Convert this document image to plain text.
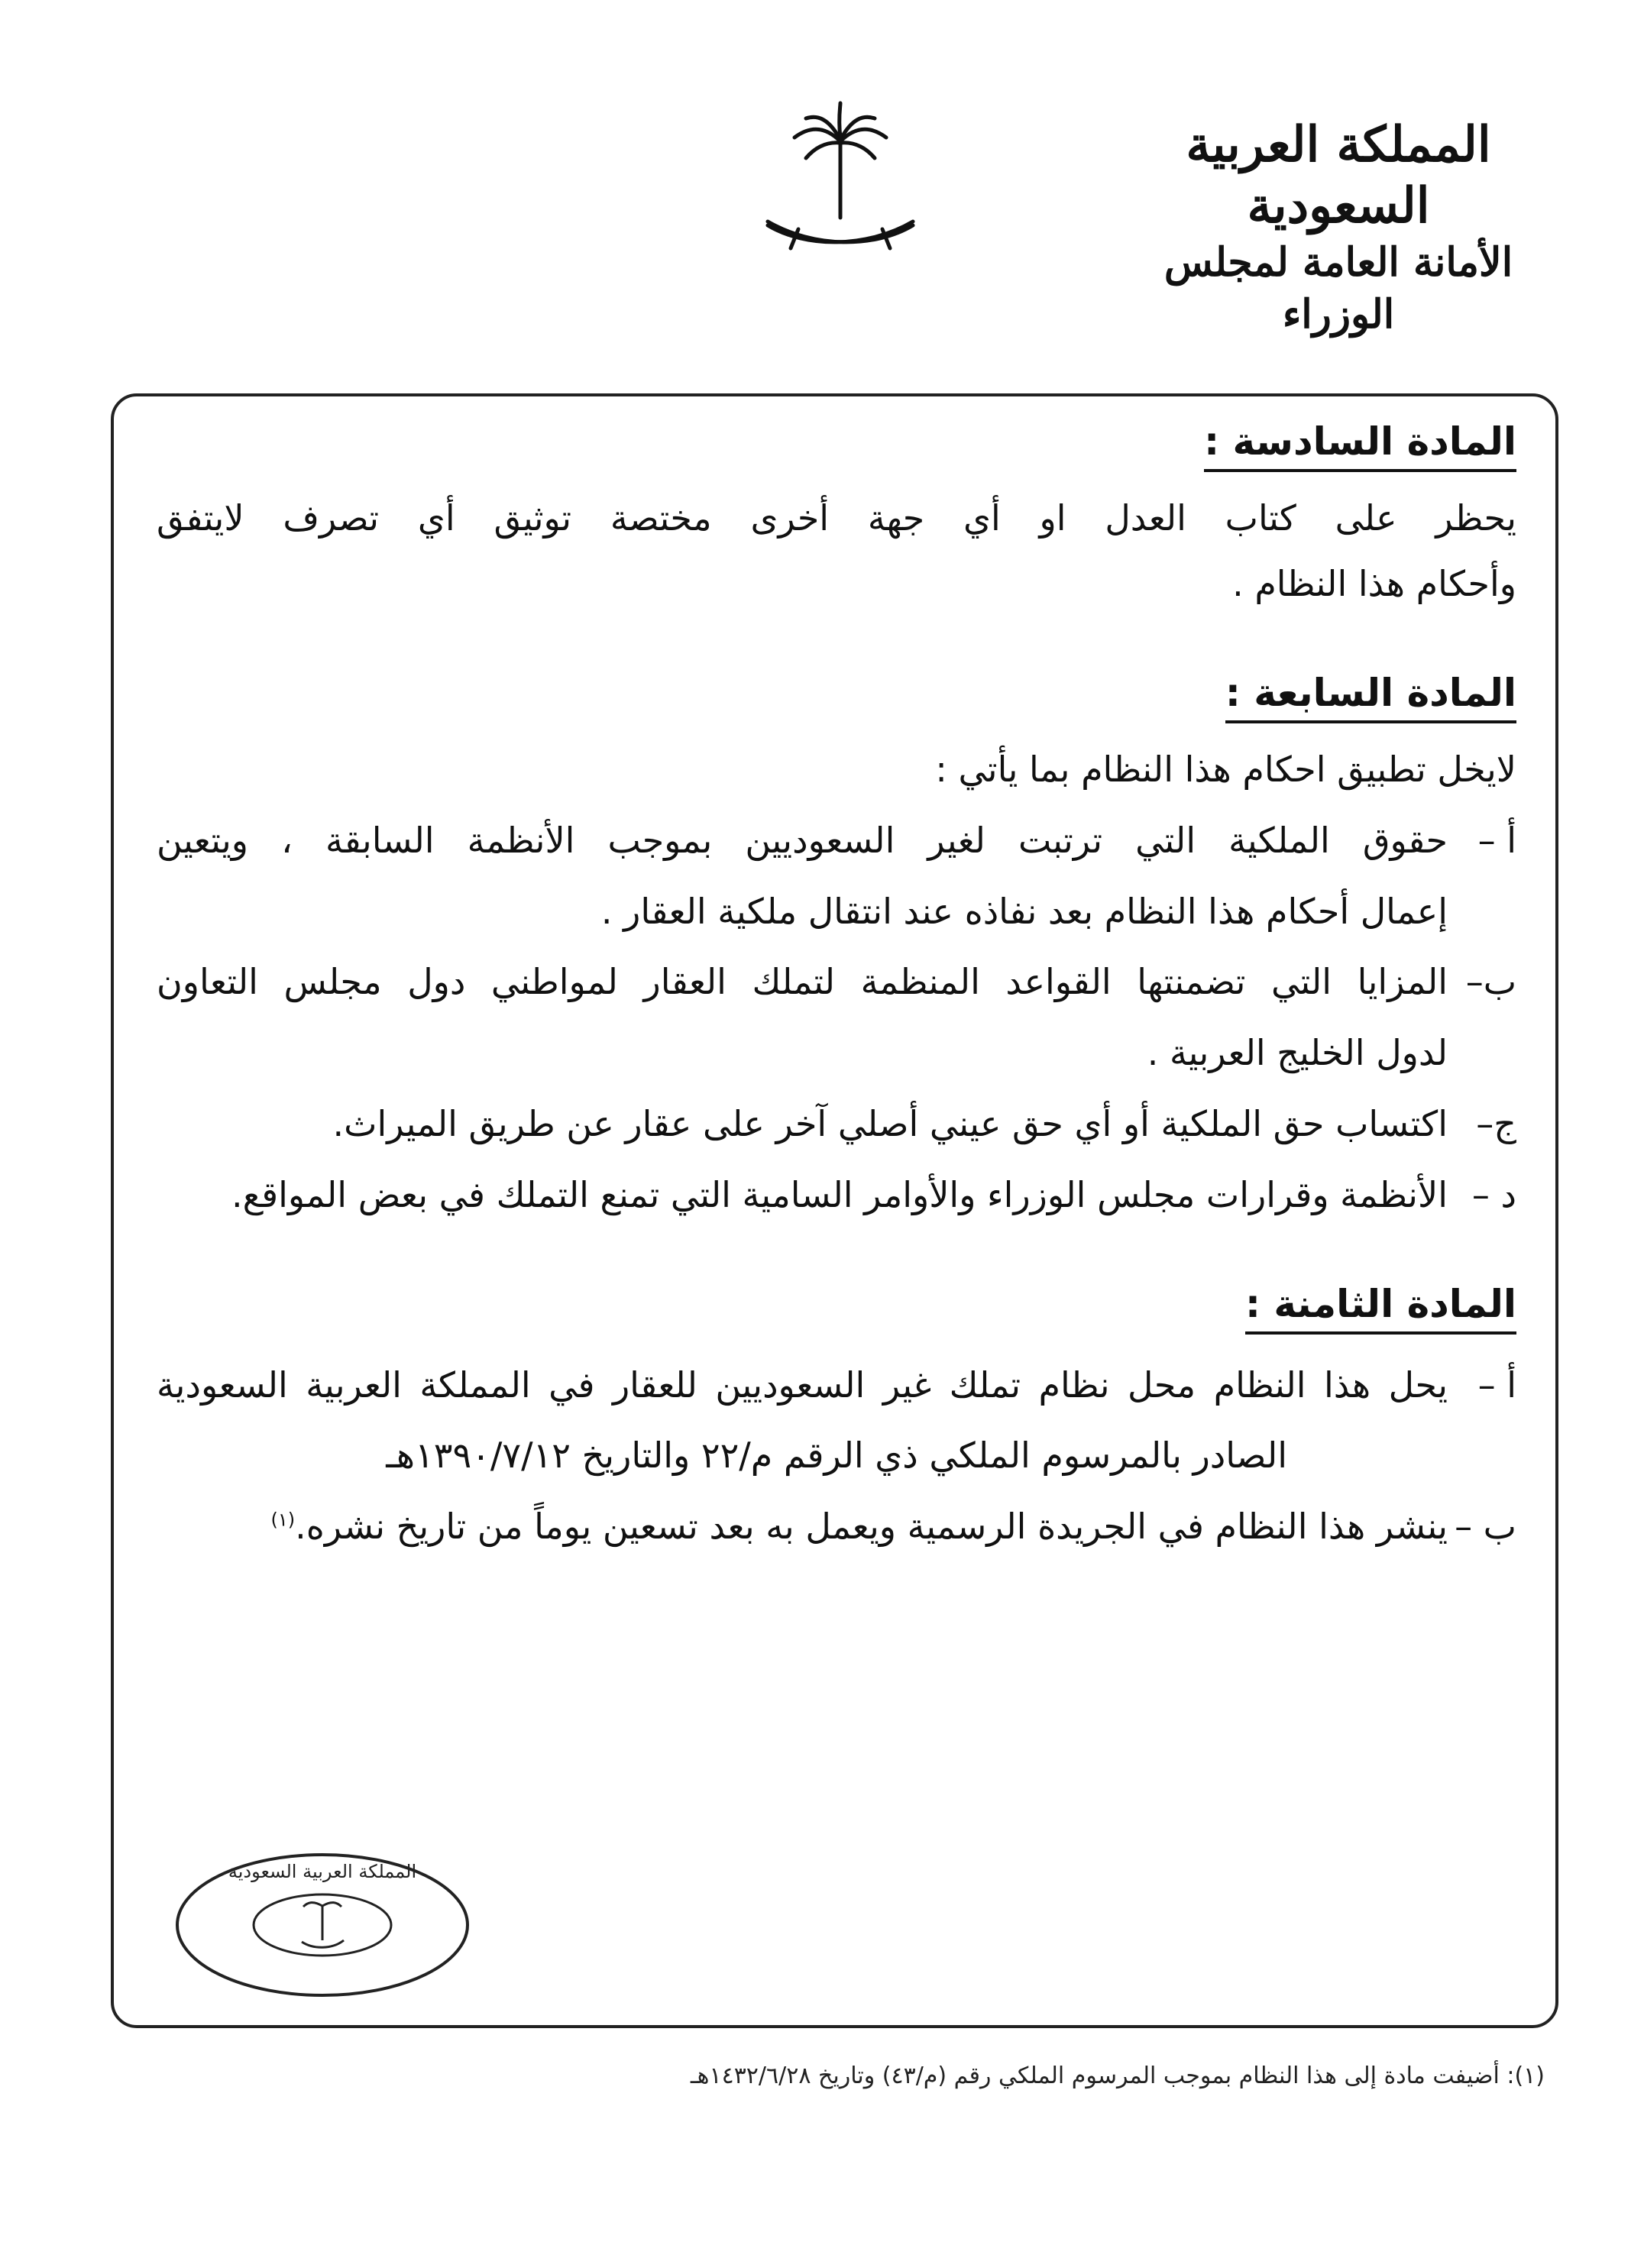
المملكة العربية السعودية
الأمانة العامة لمجلس الوزراء
المادة السادسة :
يحظر على كتاب العدل او أي جهة أخرى مختصة توثيق أي تصرف لايتفق
وأحكام هذا النظام .
المادة السابعة :
لايخل تطبيق احكام هذا النظام بما يأتي :
أ –
حقوق الملكية التي ترتبت لغير السعوديين بموجب الأنظمة السابقة ، ويتعين
إعمال أحكام هذا النظام بعد نفاذه عند انتقال ملكية العقار .
ب–
المزايا التي تضمنتها القواعد المنظمة لتملك العقار لمواطني دول مجلس التعاون
لدول الخليج العربية .
ج–
اكتساب حق الملكية أو أي حق عيني أصلي آخر على عقار عن طريق الميراث.
د –
الأنظمة وقرارات مجلس الوزراء والأوامر السامية التي تمنع التملك في بعض المواقع.
المادة الثامنة :
أ –
يحل هذا النظام محل نظام تملك غير السعوديين للعقار في المملكة العربية السعودية
الصادر بالمرسوم الملكي ذي الرقم م/٢٢ والتاريخ ١٣٩٠/٧/١٢هـ
ب –
ينشر هذا النظام في الجريدة الرسمية ويعمل به بعد تسعين يوماً من تاريخ نشره.$^{(١)}$
المملكة العربية السعودية
(١): أضيفت مادة إلى هذا النظام بموجب المرسوم الملكي رقم (م/٤٣) وتاريخ ١٤٣٢/٦/٢٨هـ
